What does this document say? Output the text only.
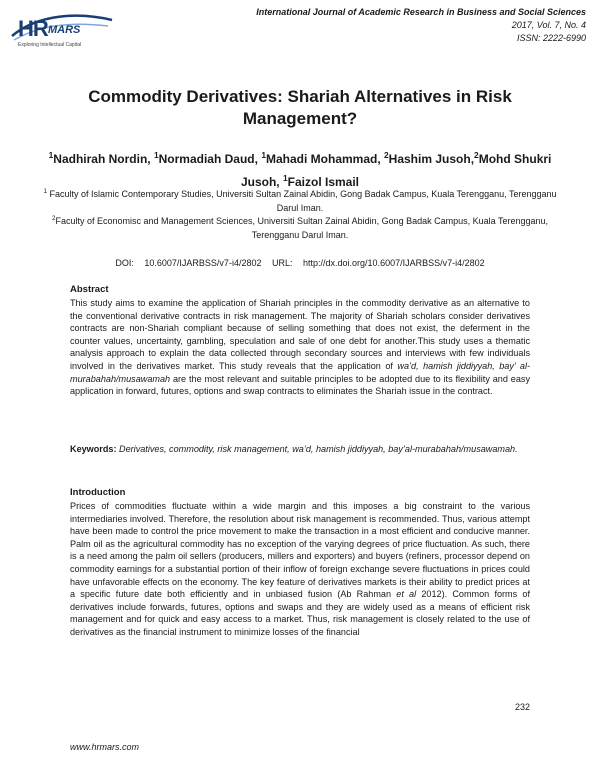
HR MARS
Exploring Intellectual Capital
International Journal of Academic Research in Business and Social Sciences
2017, Vol. 7, No. 4
ISSN: 2222-6990
Commodity Derivatives: Shariah Alternatives in Risk
Management?
$^1$Nadhirah Nordin, $^1$Normadiah Daud, $^1$Mahadi Mohammad, $^2$Hashim Jusoh,$^2$Mohd Shukri Jusoh, $^1$Faizol Ismail
$^1$ Faculty of Islamic Contemporary Studies, Universiti Sultan Zainal Abidin, Gong Badak Campus, Kuala Terengganu, Terengganu Darul Iman.
$^2$Faculty of Economisc and Management Sciences, Universiti Sultan Zainal Abidin, Gong Badak Campus, Kuala Terengganu, Terengganu Darul Iman.
DOI: 10.6007/IJARBSS/v7-i4/2802 URL: http://dx.doi.org/10.6007/IJARBSS/v7-i4/2802
Abstract
This study aims to examine the application of Shariah principles in the commodity derivative as an alternative to the conventional derivative contracts in risk management. The majority of Shariah scholars consider derivatives contracts are non-Shariah compliant because of selling something that does not exist, the deferment in the counter values, uncertainty, gambling, speculation and sale of one debt for another.This study uses a thematic analysis approach to explain the data collected through secondary sources and interviews with few individuals involved in the derivatives market. This study reveals that the application of wa’d, hamish jiddiyyah, bay’ al-murabahah/musawamah are the most relevant and suitable principles to be adopted due to its flexibility and easy application in forward, futures, options and swap contracts to eliminates the Shariah issue in the contract.
Keywords: Derivatives, commodity, risk management, wa’d, hamish jiddiyyah, bay’al-murabahah/musawamah.
Introduction
Prices of commodities fluctuate within a wide margin and this imposes a big constraint to the various intermediaries involved. Therefore, the resolution about risk management is recommended. Thus, various attempt have been made to control the price movement to make the transaction in a most efficient and conducive manner. Palm oil as the agricultural commodity has no exception of the varying degrees of price fluctuation. As such, there is a need among the palm oil sellers (producers, millers and exporters) and buyers (refiners, processor depend on commodity earnings for a substantial portion of their inflow of foreign exchange severe fluctuations in prices could have unfavorable effects on the economy. The key feature of derivatives markets is their ability to predict prices at a specific future date both efficiently and in unbiased fusion (Ab Rahman et al 2012). Common forms of derivatives include forwards, futures, options and swaps and they are widely used as a means of efficient risk management and for quick and easy access to a market. Thus, risk management is closely related to the use of derivatives as the financial instrument to minimize losses of the financial
232
www.hrmars.com
